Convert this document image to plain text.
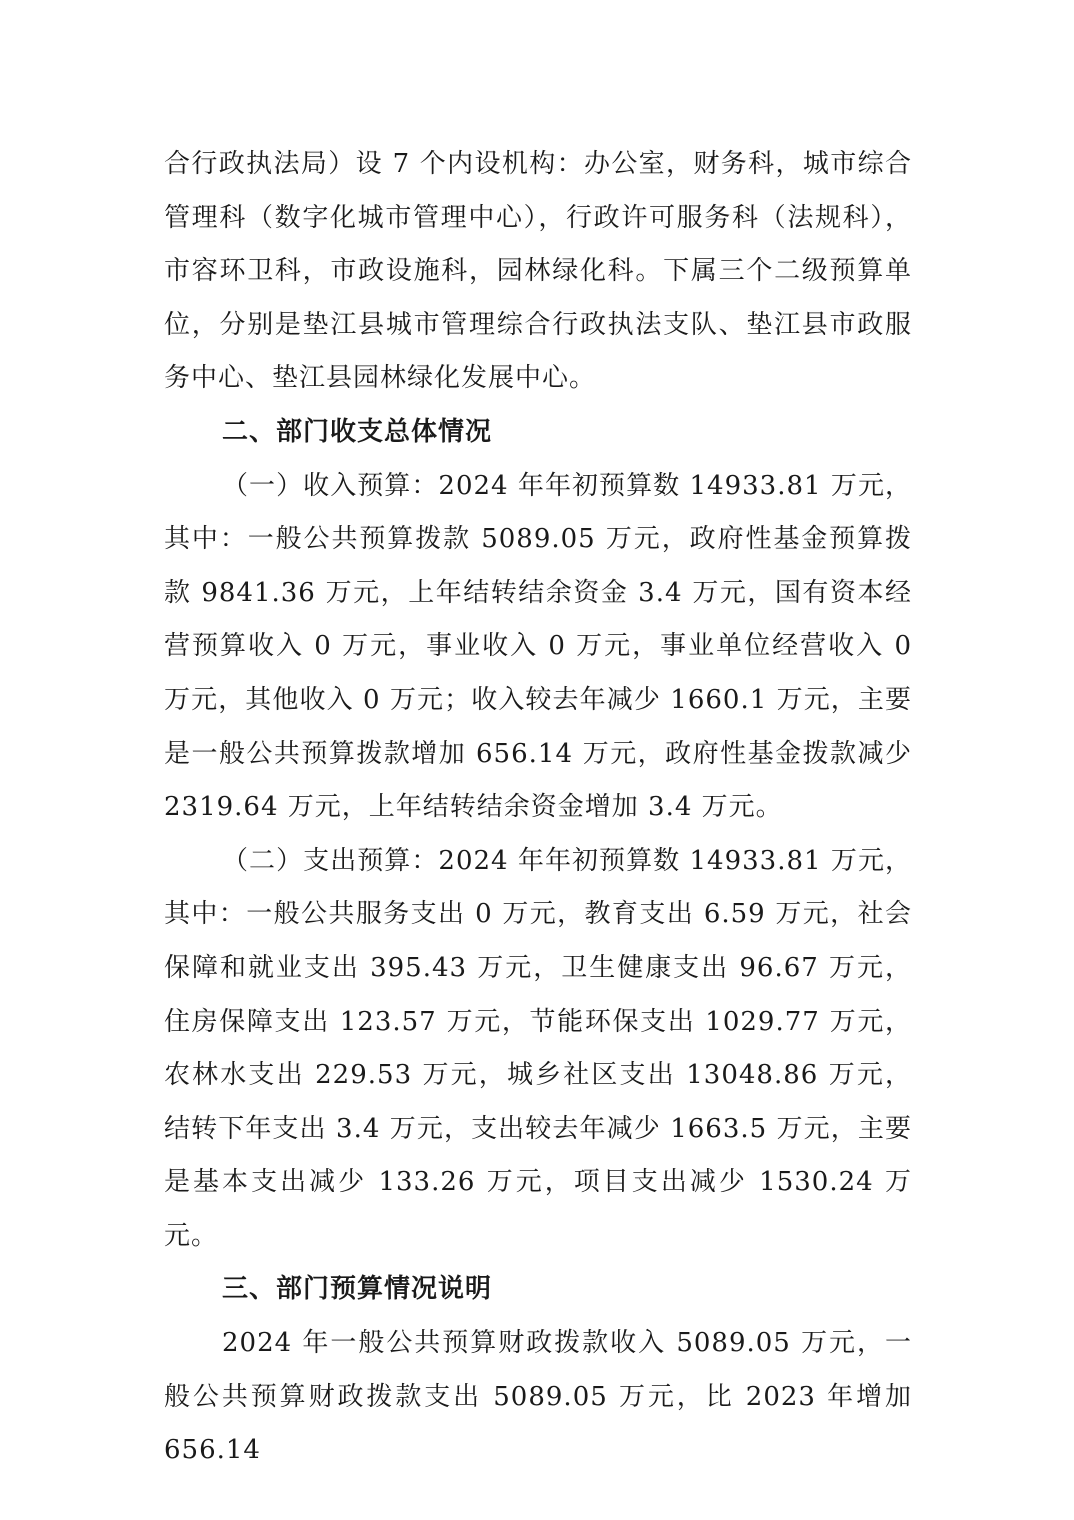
合行政执法局）设 7 个内设机构：办公室，财务科，城市综合管理科（数字化城市管理中心），行政许可服务科（法规科），市容环卫科，市政设施科，园林绿化科。下属三个二级预算单位，分别是垫江县城市管理综合行政执法支队、垫江县市政服务中心、垫江县园林绿化发展中心。

二、部门收支总体情况

（一）收入预算：2024 年年初预算数 14933.81 万元，其中：一般公共预算拨款 5089.05 万元，政府性基金预算拨款 9841.36 万元，上年结转结余资金 3.4 万元，国有资本经营预算收入 0 万元，事业收入 0 万元，事业单位经营收入 0 万元，其他收入 0 万元；收入较去年减少 1660.1 万元，主要是一般公共预算拨款增加 656.14 万元，政府性基金拨款减少 2319.64 万元，上年结转结余资金增加 3.4 万元。

（二）支出预算：2024 年年初预算数 14933.81 万元，其中：一般公共服务支出 0 万元，教育支出 6.59 万元，社会保障和就业支出 395.43 万元，卫生健康支出 96.67 万元，住房保障支出 123.57 万元，节能环保支出 1029.77 万元，农林水支出 229.53 万元，城乡社区支出 13048.86 万元，结转下年支出 3.4 万元，支出较去年减少 1663.5 万元，主要是基本支出减少 133.26 万元，项目支出减少 1530.24 万元。

三、部门预算情况说明

2024 年一般公共预算财政拨款收入 5089.05 万元，一般公共预算财政拨款支出 5089.05 万元，比 2023 年增加 656.14
